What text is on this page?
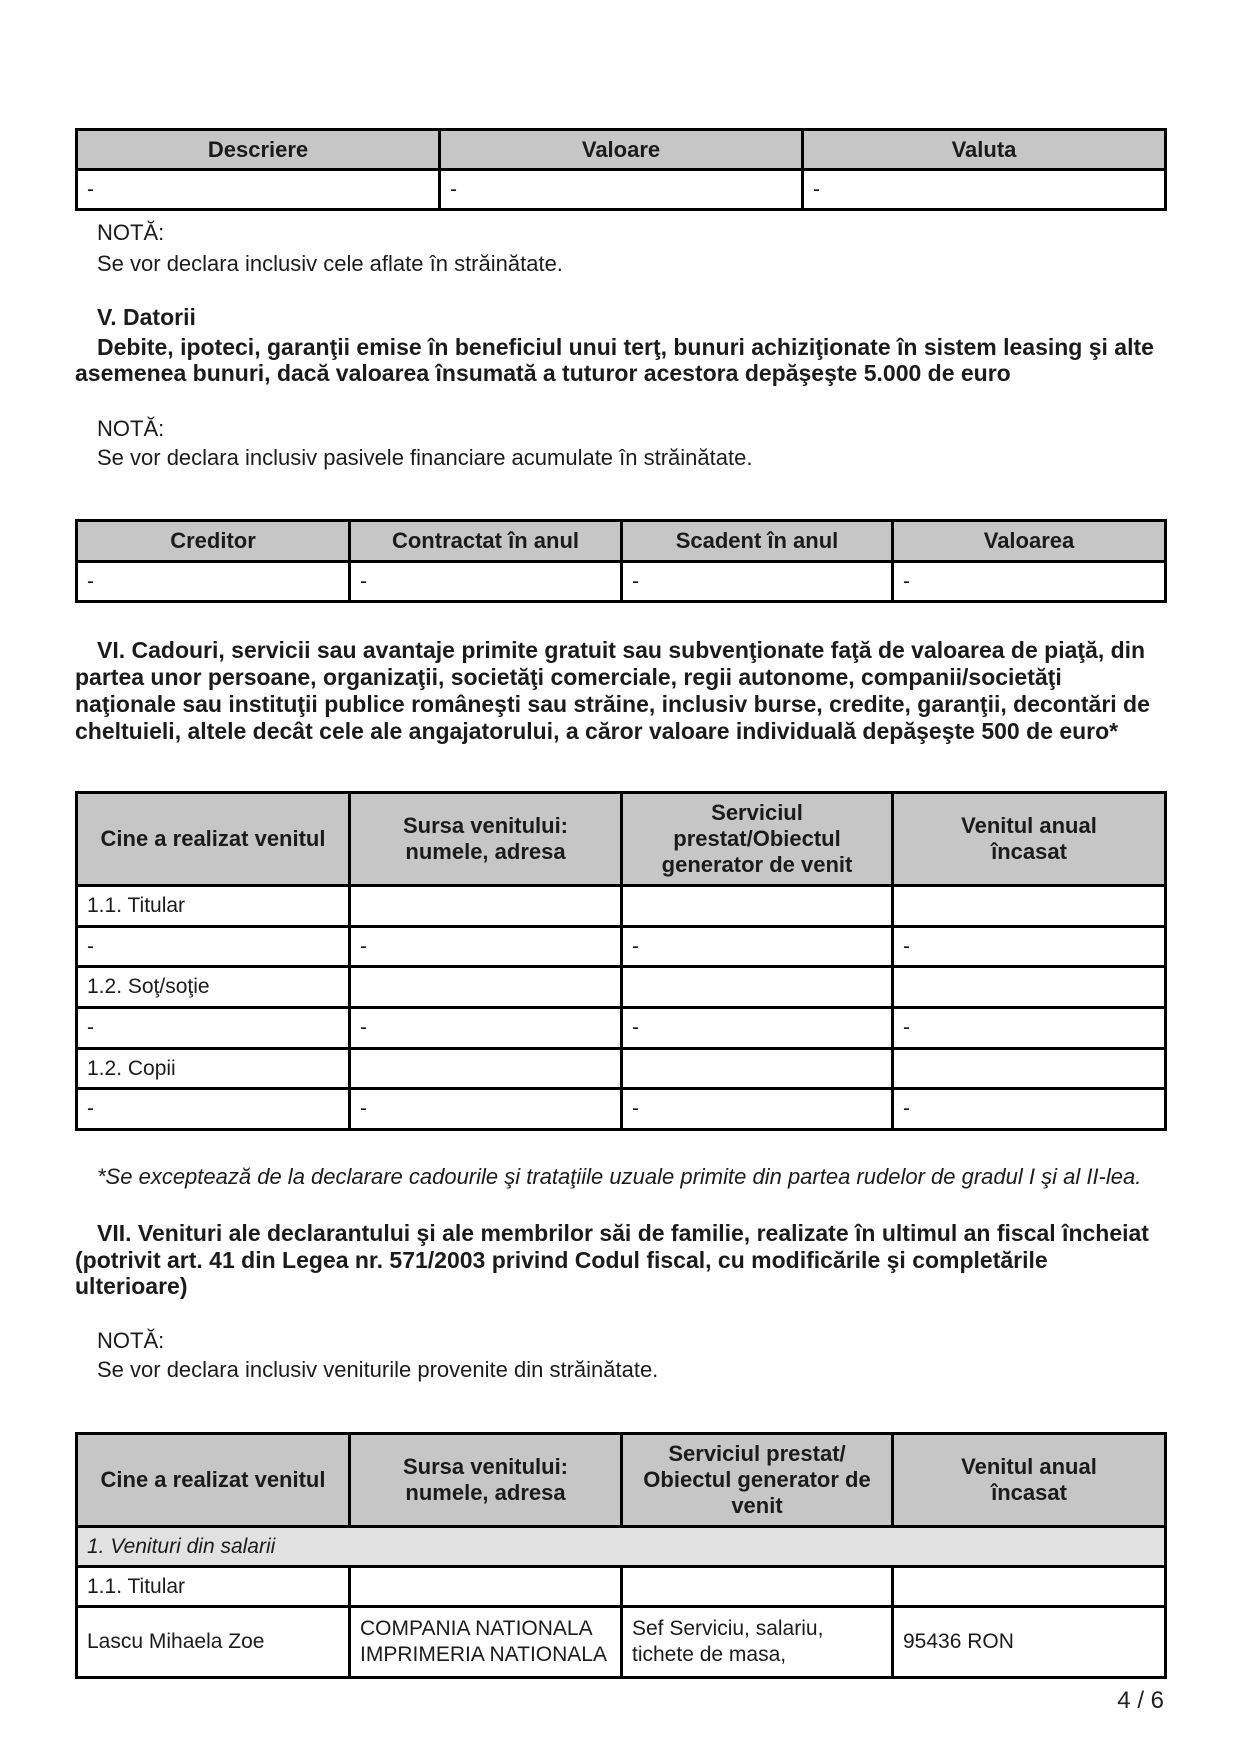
Descriere	Valoare	Valuta
-	-	-
NOTĂ:
Se vor declara inclusiv cele aflate în străinătate.
V. Datorii
Debite, ipoteci, garanţii emise în beneficiul unui terţ, bunuri achiziţionate în sistem leasing şi alte
asemenea bunuri, dacă valoarea însumată a tuturor acestora depăşeşte 5.000 de euro
NOTĂ:
Se vor declara inclusiv pasivele financiare acumulate în străinătate.
Creditor	Contractat în anul	Scadent în anul	Valoarea
-	-	-	-
VI. Cadouri, servicii sau avantaje primite gratuit sau subvenţionate faţă de valoarea de piaţă, din
partea unor persoane, organizaţii, societăţi comerciale, regii autonome, companii/societăţi
naţionale sau instituţii publice româneşti sau străine, inclusiv burse, credite, garanţii, decontări de
cheltuieli, altele decât cele ale angajatorului, a căror valoare individuală depăşeşte 500 de euro*
Cine a realizat venitul	Sursa venitului: numele, adresa	Serviciul prestat/Obiectul generator de venit	Venitul anual încasat
1.1. Titular			
-	-	-	-
1.2. Soţ/soţie			
-	-	-	-
1.2. Copii			
-	-	-	-
*Se exceptează de la declarare cadourile şi trataţiile uzuale primite din partea rudelor de gradul I şi al II-lea.
VII. Venituri ale declarantului şi ale membrilor săi de familie, realizate în ultimul an fiscal încheiat
(potrivit art. 41 din Legea nr. 571/2003 privind Codul fiscal, cu modificările şi completările
ulterioare)
NOTĂ:
Se vor declara inclusiv veniturile provenite din străinătate.
Cine a realizat venitul	Sursa venitului: numele, adresa	Serviciul prestat/ Obiectul generator de venit	Venitul anual încasat
1. Venituri din salarii			
1.1. Titular			
Lascu Mihaela Zoe	COMPANIA NATIONALA IMPRIMERIA NATIONALA	Sef Serviciu, salariu, tichete de masa,	95436 RON
4 / 6
